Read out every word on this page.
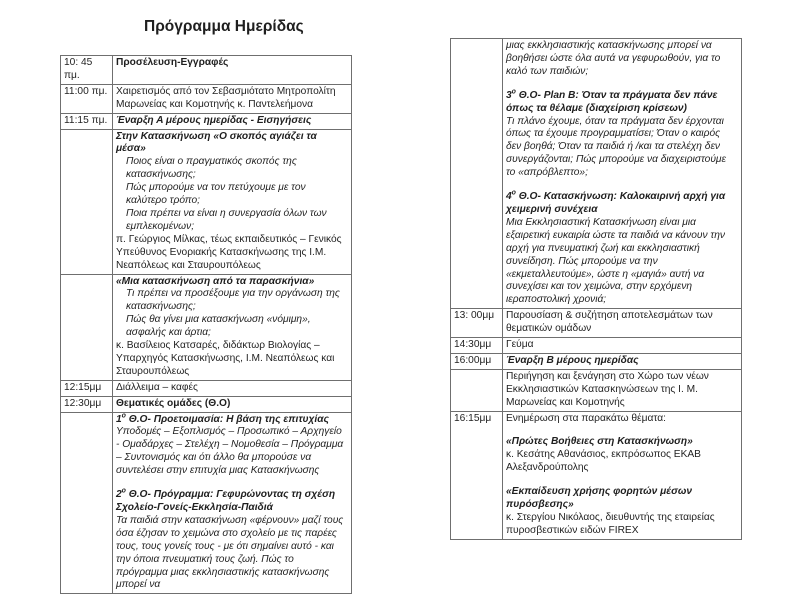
Πρόγραμμα Ημερίδας
10: 45 πμ.	Προσέλευση-Εγγραφές
11:00 πμ.	Χαιρετισμός από τον Σεβασμιότατο Μητροπολίτη Μαρωνείας και Κομοτηνής κ. Παντελεήμονα
11:15 πμ.	Έναρξη Α μέρους ημερίδας - Εισηγήσεις

	Στην Κατασκήνωση «Ο σκοπός αγιάζει τα μέσα»
Ποιος είναι ο πραγματικός σκοπός της κατασκήνωσης;
Πώς μπορούμε να τον πετύχουμε με τον καλύτερο τρόπο;
Ποια πρέπει να είναι η συνεργασία όλων των εμπλεκομένων;
π. Γεώργιος Μίλκας, τέως εκπαιδευτικός – Γενικός Υπεύθυνος Ενοριακής Κατασκήνωσης της Ι.Μ. Νεαπόλεως και Σταυρουπόλεως

	«Μια κατασκήνωση από τα παρασκήνια»
Τι πρέπει να προσέξουμε για την οργάνωση της κατασκήνωσης;
Πώς θα γίνει μια κατασκήνωση «νόμιμη», ασφαλής και άρτια;
κ. Βασίλειος Κατσαρές, διδάκτωρ Βιολογίας – Υπαρχηγός Κατασκήνωσης, Ι.Μ. Νεαπόλεως και Σταυρουπόλεως

12:15μμ	Διάλλειμα – καφές
12:30μμ	Θεματικές ομάδες (Θ.Ο)

	$1^o$ Θ.Ο- Προετοιμασία: Η βάση της επιτυχίας
Υποδομές – Εξοπλισμός – Προσωπικό – Αρχηγείο - Ομαδάρχες – Στελέχη – Νομοθεσία – Πρόγραμμα – Συντονισμός και ότι άλλο θα μπορούσε να συντελέσει στην επιτυχία μιας Κατασκήνωσης
$2^o$ Θ.Ο- Πρόγραμμα: Γεφυρώνοντας τη σχέση Σχολείο-Γονείς-Εκκλησία-Παιδιά
Τα παιδιά στην κατασκήνωση «φέρνουν» μαζί τους όσα έζησαν το χειμώνα στο σχολείο με τις παρέες τους, τους γονείς τους - με ότι σημαίνει αυτό - και την όποια πνευματική τους ζωή. Πώς το πρόγραμμα μιας εκκλησιαστικής κατασκήνωσης μπορεί να

	μιας εκκλησιαστικής κατασκήνωσης μπορεί να βοηθήσει ώστε όλα αυτά να γεφυρωθούν, για το καλό των παιδιών;
$3^o$ Θ.Ο- Plan B: Όταν τα πράγματα δεν πάνε όπως τα θέλαμε (διαχείριση κρίσεων)
Τι πλάνο έχουμε, όταν τα πράγματα δεν έρχονται όπως τα έχουμε προγραμματίσει; Όταν ο καιρός δεν βοηθά; Όταν τα παιδιά ή /και τα στελέχη δεν συνεργάζονται; Πώς μπορούμε να διαχειριστούμε το «απρόβλεπτο»;
$4^o$ Θ.Ο- Κατασκήνωση: Καλοκαιρινή αρχή για χειμερινή συνέχεια
Μια Εκκλησιαστική Κατασκήνωση είναι μια εξαιρετική ευκαιρία ώστε τα παιδιά να κάνουν την αρχή για πνευματική ζωή και εκκλησιαστική συνείδηση. Πώς μπορούμε να την «εκμεταλλευτούμε», ώστε η «μαγιά» αυτή να συνεχίσει και τον χειμώνα, στην ερχόμενη ιεραποστολική χρονιά;

13: 00μμ	Παρουσίαση & συζήτηση αποτελεσμάτων των θεματικών ομάδων
14:30μμ	Γεύμα
16:00μμ	Έναρξη Β μέρους ημερίδας
	Περιήγηση και ξενάγηση στο Χώρο των νέων Εκκλησιαστικών Κατασκηνώσεων της Ι. Μ. Μαρωνείας και Κομοτηνής
16:15μμ	Ενημέρωση στα παρακάτω θέματα:
«Πρώτες Βοήθειες στη Κατασκήνωση»
κ. Κεσάτης Αθανάσιος, εκπρόσωπος ΕΚΑΒ Αλεξανδρούπολης
«Εκπαίδευση χρήσης φορητών μέσων πυρόσβεσης»
κ. Στεργίου Νικόλαος, διευθυντής της εταιρείας πυροσβεστικών ειδών FIREX
